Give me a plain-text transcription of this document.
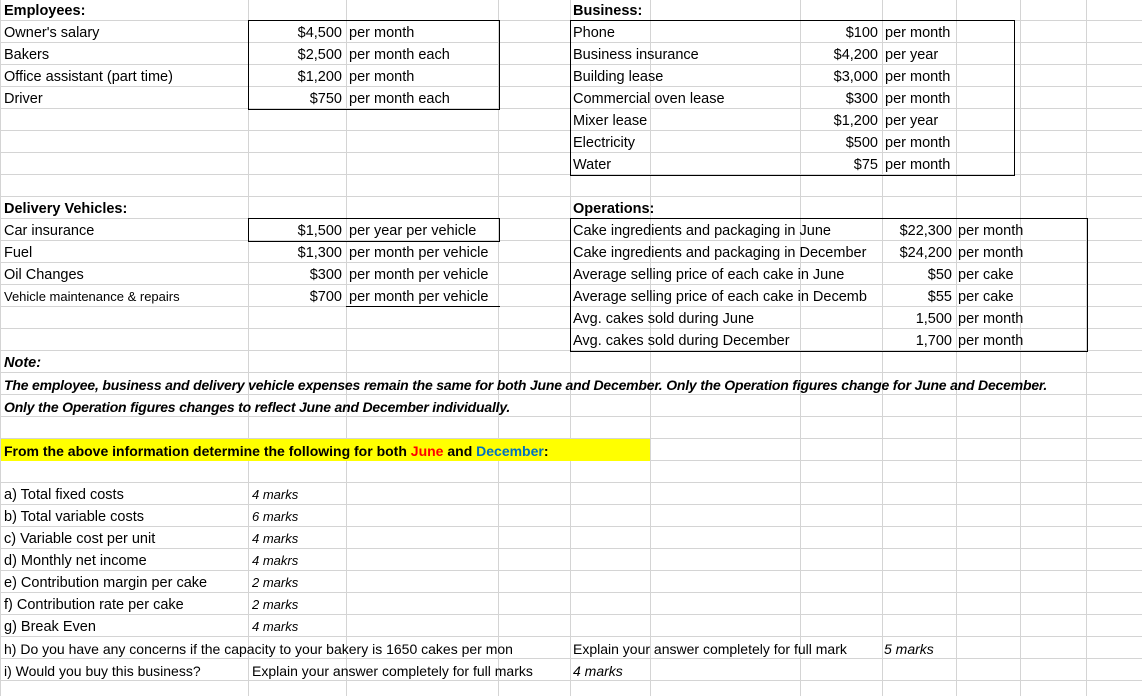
Employees:
Owner's salary	$4,500 per month
Bakers	$2,500 per month each
Office assistant (part time)	$1,200 per month
Driver	$750 per month each
Business:
Phone	$100 per month
Business insurance	$4,200 per year
Building lease	$3,000 per month
Commercial oven lease	$300 per month
Mixer lease	$1,200 per year
Electricity	$500 per month
Water	$75 per month
Delivery Vehicles:
Car insurance	$1,500 per year per vehicle
Fuel	$1,300 per month per vehicle
Oil Changes	$300 per month per vehicle
Vehicle maintenance & repairs	$700 per month per vehicle
Operations:
Cake ingredients and packaging in June	$22,300 per month
Cake ingredients and packaging in December	$24,200 per month
Average selling price of each cake in June	$50 per cake
Average selling price of each cake in Decemb	$55 per cake
Avg. cakes sold during June	1,500 per month
Avg. cakes sold during December	1,700 per month
Note:
The employee, business and delivery vehicle expenses remain the same for both June and December. Only the Operation figures change for June and December.
Only the Operation figures changes to reflect June and December individually.
From the above information determine the following for both June and December:
a) Total fixed costs	4 marks
b) Total variable costs	6 marks
c) Variable cost per unit	4 marks
d) Monthly net income	4 makrs
e) Contribution margin per cake	2 marks
f) Contribution rate per cake	2 marks
g) Break Even	4 marks
h) Do you have any concerns if the capacity to your bakery is 1650 cakes per mon	Explain your answer completely for full mark	5 marks
i) Would you buy this business?	Explain your answer completely for full marks	4 marks
